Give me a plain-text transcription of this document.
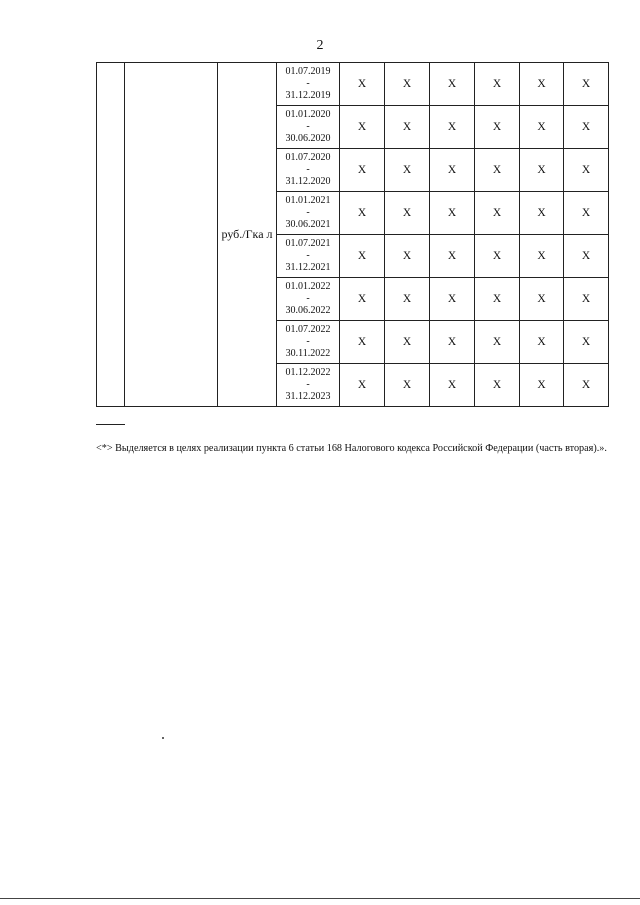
2
		руб./Гка л	01.07.2019
-
31.12.2019	X	X	X	X	X	X

			01.01.2020
-
30.06.2020	X	X	X	X	X	X

			01.07.2020
-
31.12.2020	X	X	X	X	X	X

			01.01.2021
-
30.06.2021	X	X	X	X	X	X

			01.07.2021
-
31.12.2021	X	X	X	X	X	X

			01.01.2022
-
30.06.2022	X	X	X	X	X	X

			01.07.2022
-
30.11.2022	X	X	X	X	X	X

			01.12.2022
-
31.12.2023	X	X	X	X	X	X
<*> Выделяется в целях реализации пункта 6 статьи 168 Налогового кодекса Российской Федерации (часть вторая).».
